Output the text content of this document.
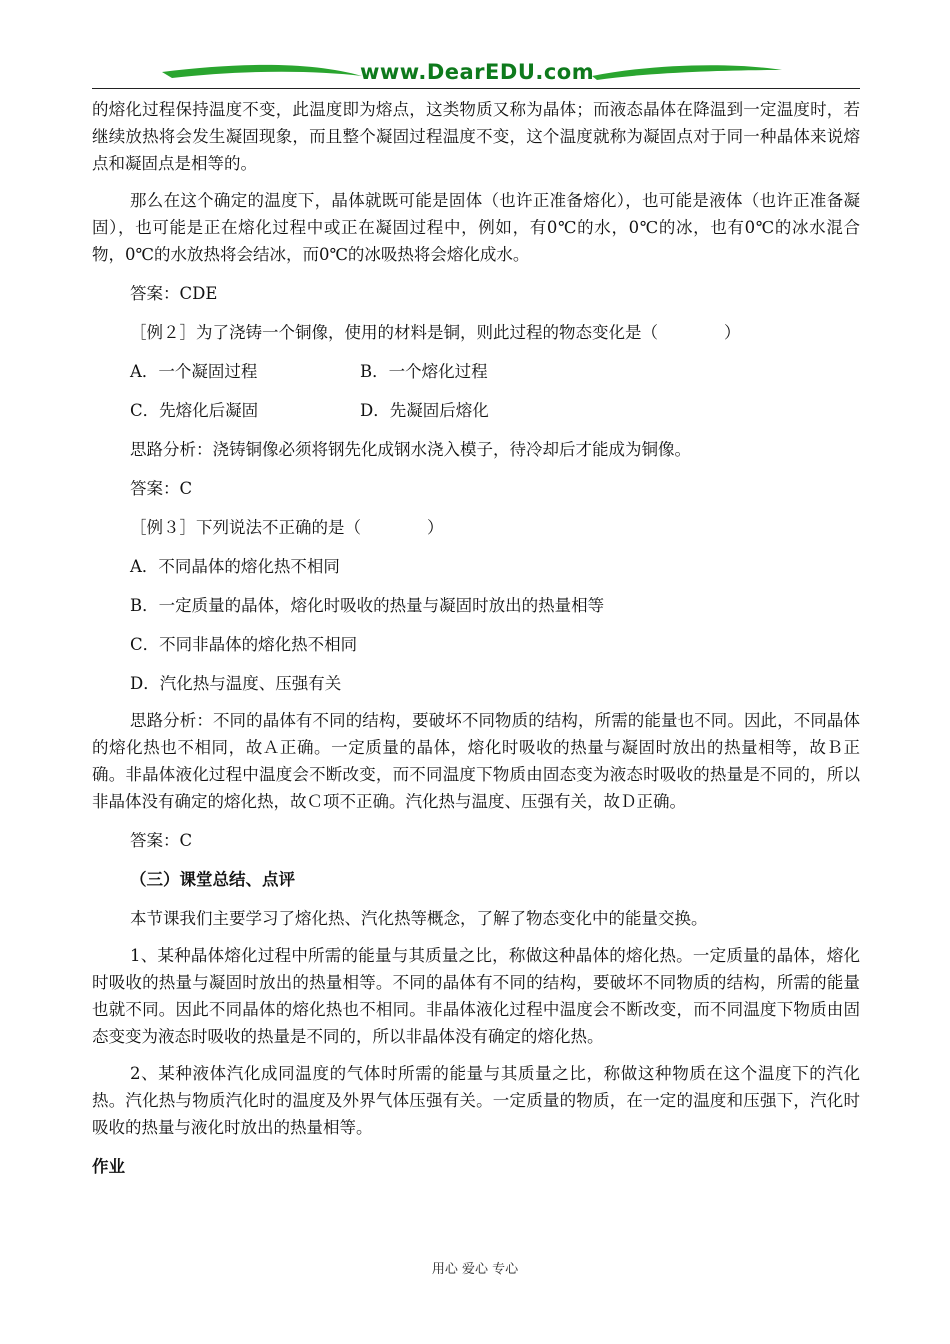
www.DearEDU.com

的熔化过程保持温度不变，此温度即为熔点，这类物质又称为晶体；而液态晶体在降温到一定温度时，若继续放热将会发生凝固现象，而且整个凝固过程温度不变，这个温度就称为凝固点对于同一种晶体来说熔点和凝固点是相等的。

那么在这个确定的温度下，晶体就既可能是固体（也许正准备熔化），也可能是液体（也许正准备凝固），也可能是正在熔化过程中或正在凝固过程中，例如，有0℃的水，0℃的冰，也有0℃的冰水混合物，0℃的水放热将会结冰，而0℃的冰吸热将会熔化成水。

答案：CDE
［例２］为了浇铸一个铜像，使用的材料是铜，则此过程的物态变化是（　　　　）
A．一个凝固过程	B．一个熔化过程
C．先熔化后凝固	D．先凝固后熔化
思路分析：浇铸铜像必须将钢先化成钢水浇入模子，待冷却后才能成为铜像。
答案：C
［例３］下列说法不正确的是（　　　　）
A．不同晶体的熔化热不相同
B．一定质量的晶体，熔化时吸收的热量与凝固时放出的热量相等
C．不同非晶体的熔化热不相同
D．汽化热与温度、压强有关

思路分析：不同的晶体有不同的结构，要破坏不同物质的结构，所需的能量也不同。因此，不同晶体的熔化热也不相同，故Ａ正确。一定质量的晶体，熔化时吸收的热量与凝固时放出的热量相等，故Ｂ正确。非晶体液化过程中温度会不断改变，而不同温度下物质由固态变为液态时吸收的热量是不同的，所以非晶体没有确定的熔化热，故Ｃ项不正确。汽化热与温度、压强有关，故Ｄ正确。

答案：C
（三）课堂总结、点评
本节课我们主要学习了熔化热、汽化热等概念，了解了物态变化中的能量交换。

1、某种晶体熔化过程中所需的能量与其质量之比，称做这种晶体的熔化热。一定质量的晶体，熔化时吸收的热量与凝固时放出的热量相等。不同的晶体有不同的结构，要破坏不同物质的结构，所需的能量也就不同。因此不同晶体的熔化热也不相同。非晶体液化过程中温度会不断改变，而不同温度下物质由固态变变为液态时吸收的热量是不同的，所以非晶体没有确定的熔化热。

2、某种液体汽化成同温度的气体时所需的能量与其质量之比，称做这种物质在这个温度下的汽化热。汽化热与物质汽化时的温度及外界气体压强有关。一定质量的物质，在一定的温度和压强下，汽化时吸收的热量与液化时放出的热量相等。

作业
用心 爱心 专心
